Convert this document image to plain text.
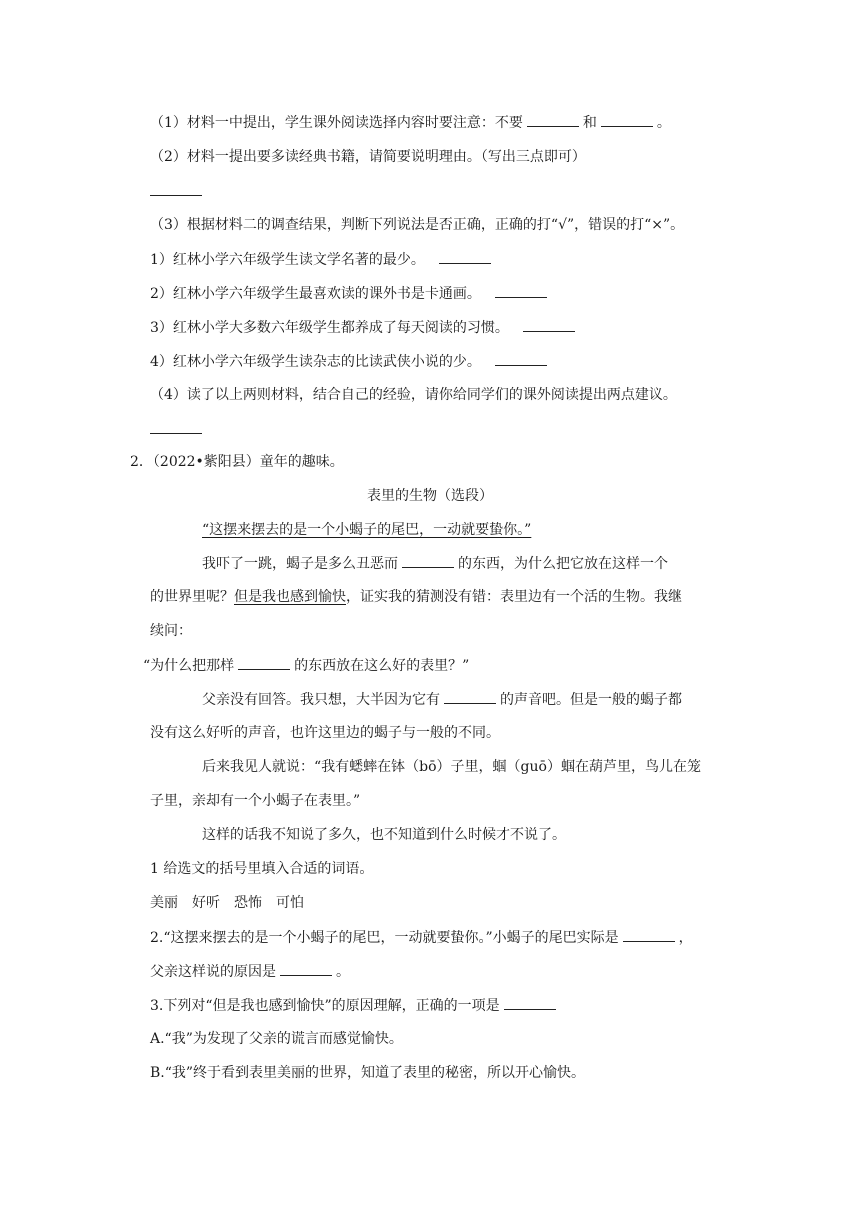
（1）材料一中提出，学生课外阅读选择内容时要注意：不要	和	。
（2）材料一提出要多读经典书籍，请简要说明理由。（写出三点即可）
（3）根据材料二的调查结果，判断下列说法是否正确，正确的打“√”，错误的打“×”。
1）红林小学六年级学生读文学名著的最少。
2）红林小学六年级学生最喜欢读的课外书是卡通画。
3）红林小学大多数六年级学生都养成了每天阅读的习惯。
4）红林小学六年级学生读杂志的比读武侠小说的少。
（4）读了以上两则材料，结合自己的经验，请你给同学们的课外阅读提出两点建议。
2．（2022•紫阳县）童年的趣味。
表里的生物（选段）
“这摆来摆去的是一个小蝎子的尾巴，一动就要蛰你。”
我吓了一跳，蝎子是多么丑恶而	的东西，为什么把它放在这样一个
的世界里呢？但是我也感到愉快，证实我的猜测没有错：表里边有一个活的生物。我继
续问：
“为什么把那样	的东西放在这么好的表里？”
父亲没有回答。我只想，大半因为它有	的声音吧。但是一般的蝎子都
没有这么好听的声音，也许这里边的蝎子与一般的不同。
后来我见人就说：“我有蟋蟀在钵（bō）子里，蝈（guō）蝈在葫芦里，鸟儿在笼
子里，亲却有一个小蝎子在表里。”
这样的话我不知说了多久，也不知道到什么时候才不说了。
1 给选文的括号里填入合适的词语。
美丽　好听　恐怖　可怕
2.“这摆来摆去的是一个小蝎子的尾巴，一动就要蛰你。”小蝎子的尾巴实际是	，
父亲这样说的原因是	。
3.下列对“但是我也感到愉快”的原因理解，正确的一项是
A.“我”为发现了父亲的谎言而感觉愉快。
B.“我”终于看到表里美丽的世界，知道了表里的秘密，所以开心愉快。
